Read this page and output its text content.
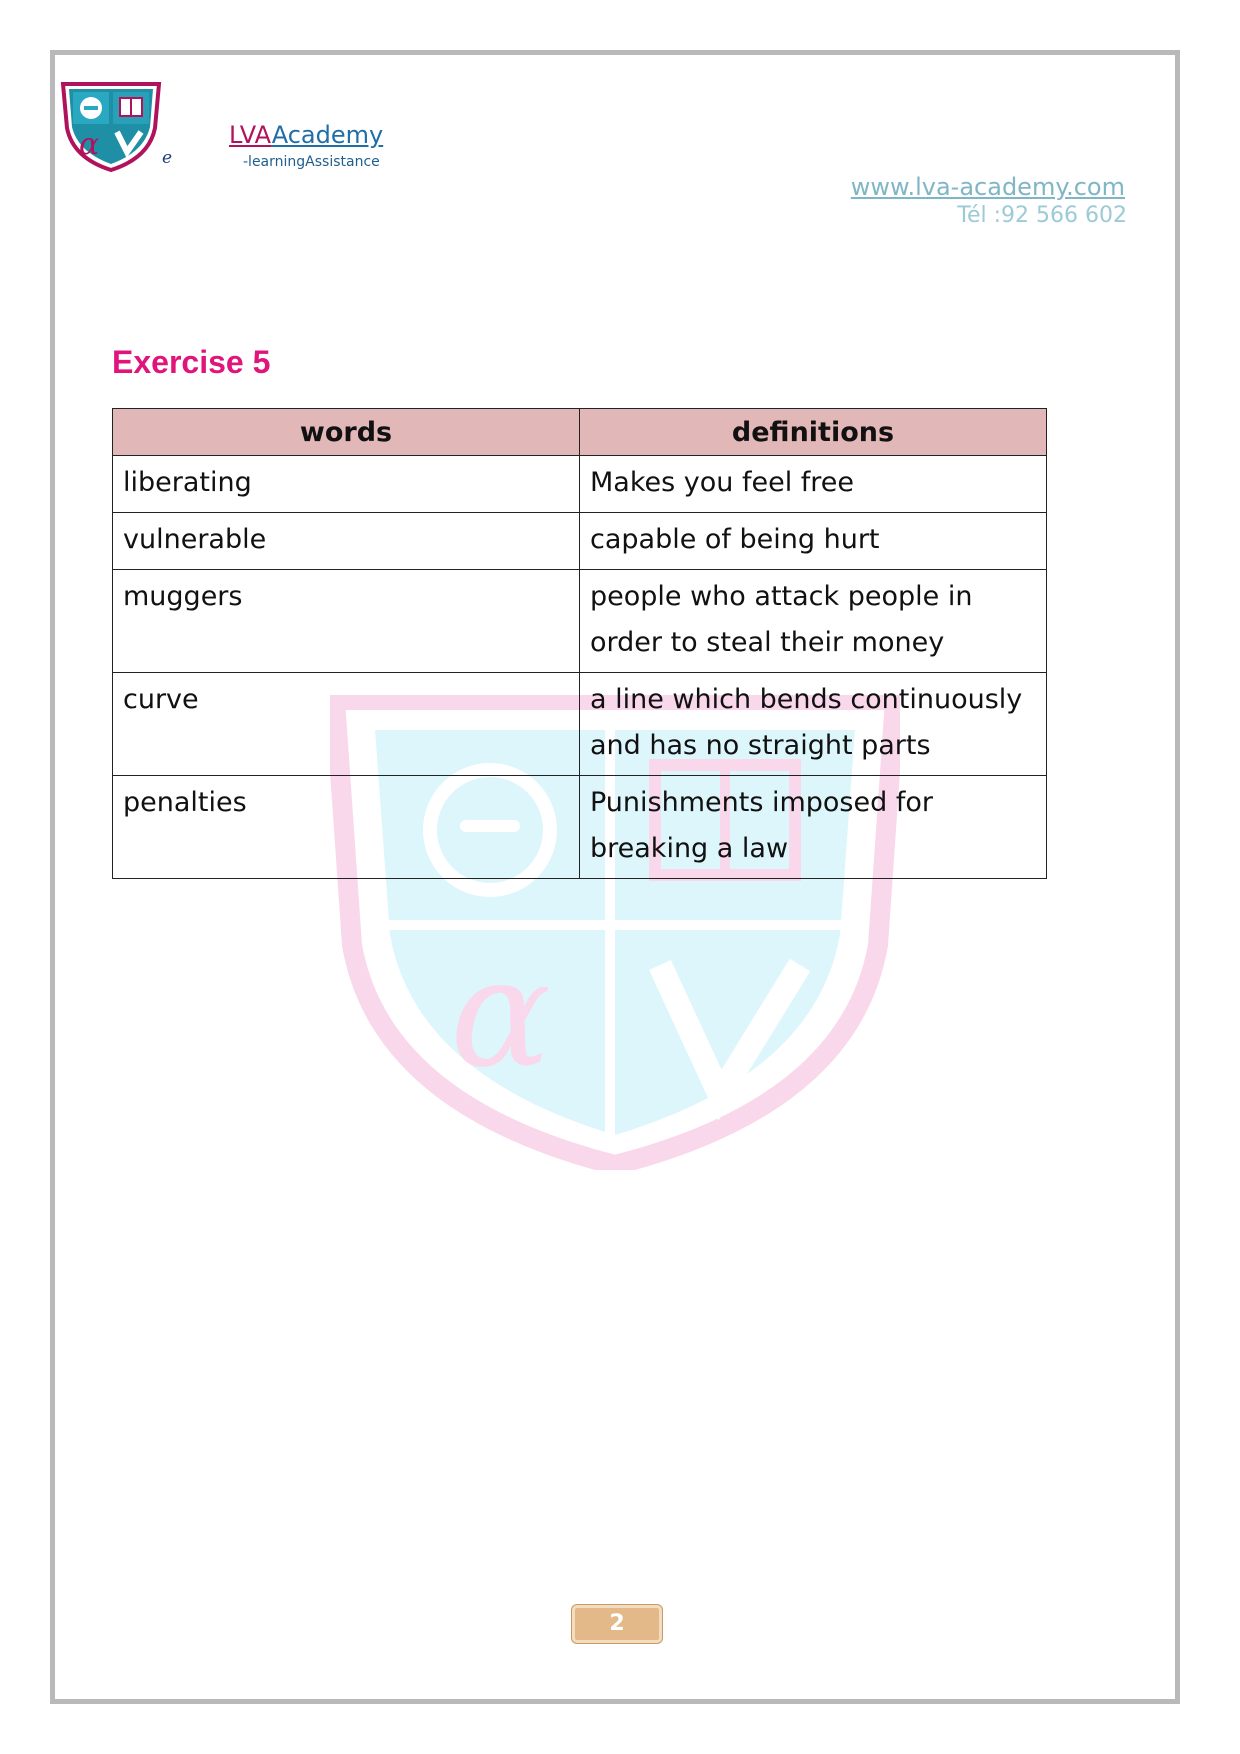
α	e
LVAAcademy
-learningAssistance
www.lva-academy.com
Tél :92 566 602
α
Exercise 5
words	definitions
liberating	Makes you feel free
vulnerable	capable of being hurt
muggers	people who attack people in order to steal their money
curve	a line which bends continuously and has no straight parts
penalties	Punishments imposed for breaking a law
2
